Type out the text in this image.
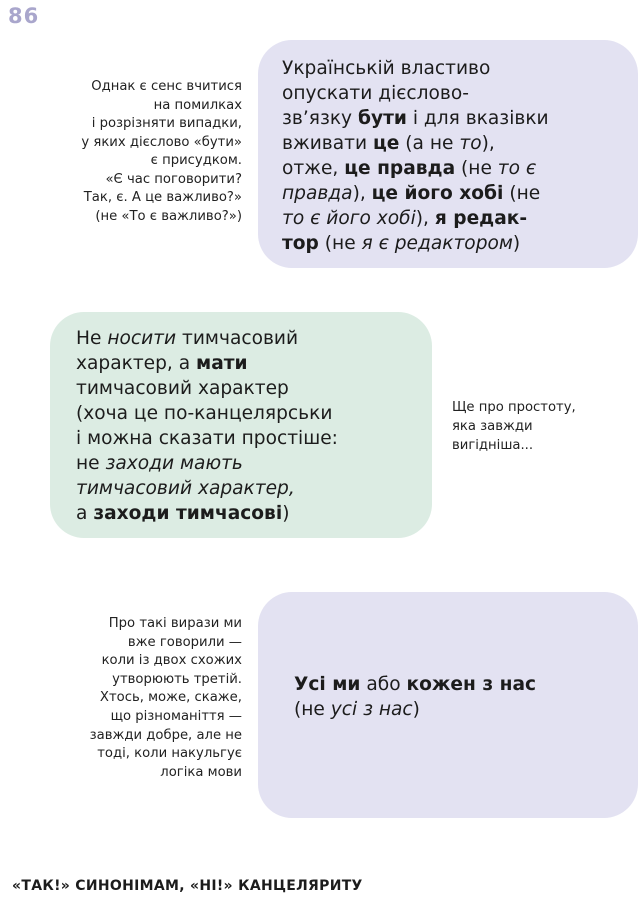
86
Однак є сенс вчитися
на помилках
і розрізняти випадки,
у яких дієслово «бути»
є присудком.
«Є час поговорити?
Так, є. А це важливо?»
(не «То є важливо?»)
Українській властиво
опускати дієслово-
зв’язку бути і для вказівки
вживати це (а не то),
отже, це правда (не то є
правда), це його хобі (не
то є його хобі), я редак-
тор (не я є редактором)
Не носити тимчасовий
характер, а мати
тимчасовий характер
(хоча це по-канцелярськи
і можна сказати простіше:
не заходи мають
тимчасовий характер,
а заходи тимчасові)
Ще про простоту,
яка завжди
вигідніша...
Про такі вирази ми
вже говорили —
коли із двох схожих
утворюють третій.
Хтось, може, скаже,
що різноманіття —
завжди добре, але не
тоді, коли накульгує
логіка мови
Усі ми або кожен з нас
(не усі з нас)
«ТАК!» СИНОНІМАМ, «НІ!» КАНЦЕЛЯРИТУ
